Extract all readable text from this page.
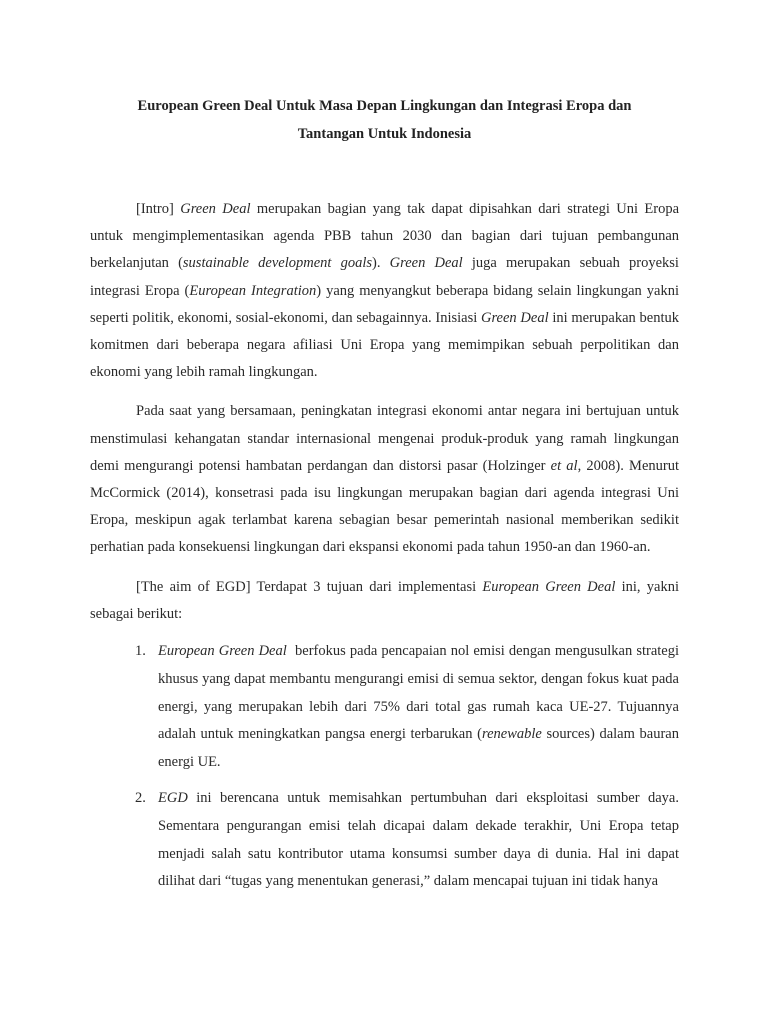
European Green Deal Untuk Masa Depan Lingkungan dan Integrasi Eropa dan
Tantangan Untuk Indonesia

[Intro] Green Deal merupakan bagian yang tak dapat dipisahkan dari strategi Uni Eropa untuk mengimplementasikan agenda PBB tahun 2030 dan bagian dari tujuan pembangunan berkelanjutan (sustainable development goals). Green Deal juga merupakan sebuah proyeksi integrasi Eropa (European Integration) yang menyangkut beberapa bidang selain lingkungan yakni seperti politik, ekonomi, sosial-ekonomi, dan sebagainnya. Inisiasi Green Deal ini merupakan bentuk komitmen dari beberapa negara afiliasi Uni Eropa yang memimpikan sebuah perpolitikan dan ekonomi yang lebih ramah lingkungan.

Pada saat yang bersamaan, peningkatan integrasi ekonomi antar negara ini bertujuan untuk menstimulasi kehangatan standar internasional mengenai produk-produk yang ramah lingkungan demi mengurangi potensi hambatan perdangan dan distorsi pasar (Holzinger et al, 2008). Menurut McCormick (2014), konsetrasi pada isu lingkungan merupakan bagian dari agenda integrasi Uni Eropa, meskipun agak terlambat karena sebagian besar pemerintah nasional memberikan sedikit perhatian pada konsekuensi lingkungan dari ekspansi ekonomi pada tahun 1950-an dan 1960-an.

[The aim of EGD] Terdapat 3 tujuan dari implementasi European Green Deal ini, yakni sebagai berikut:

1. European Green Deal  berfokus pada pencapaian nol emisi dengan mengusulkan strategi khusus yang dapat membantu mengurangi emisi di semua sektor, dengan fokus kuat pada energi, yang merupakan lebih dari 75% dari total gas rumah kaca UE-27. Tujuannya adalah untuk meningkatkan pangsa energi terbarukan (renewable sources) dalam bauran energi UE.
2. EGD ini berencana untuk memisahkan pertumbuhan dari eksploitasi sumber daya. Sementara pengurangan emisi telah dicapai dalam dekade terakhir, Uni Eropa tetap menjadi salah satu kontributor utama konsumsi sumber daya di dunia. Hal ini dapat dilihat dari “tugas yang menentukan generasi,” dalam mencapai tujuan ini tidak hanya
